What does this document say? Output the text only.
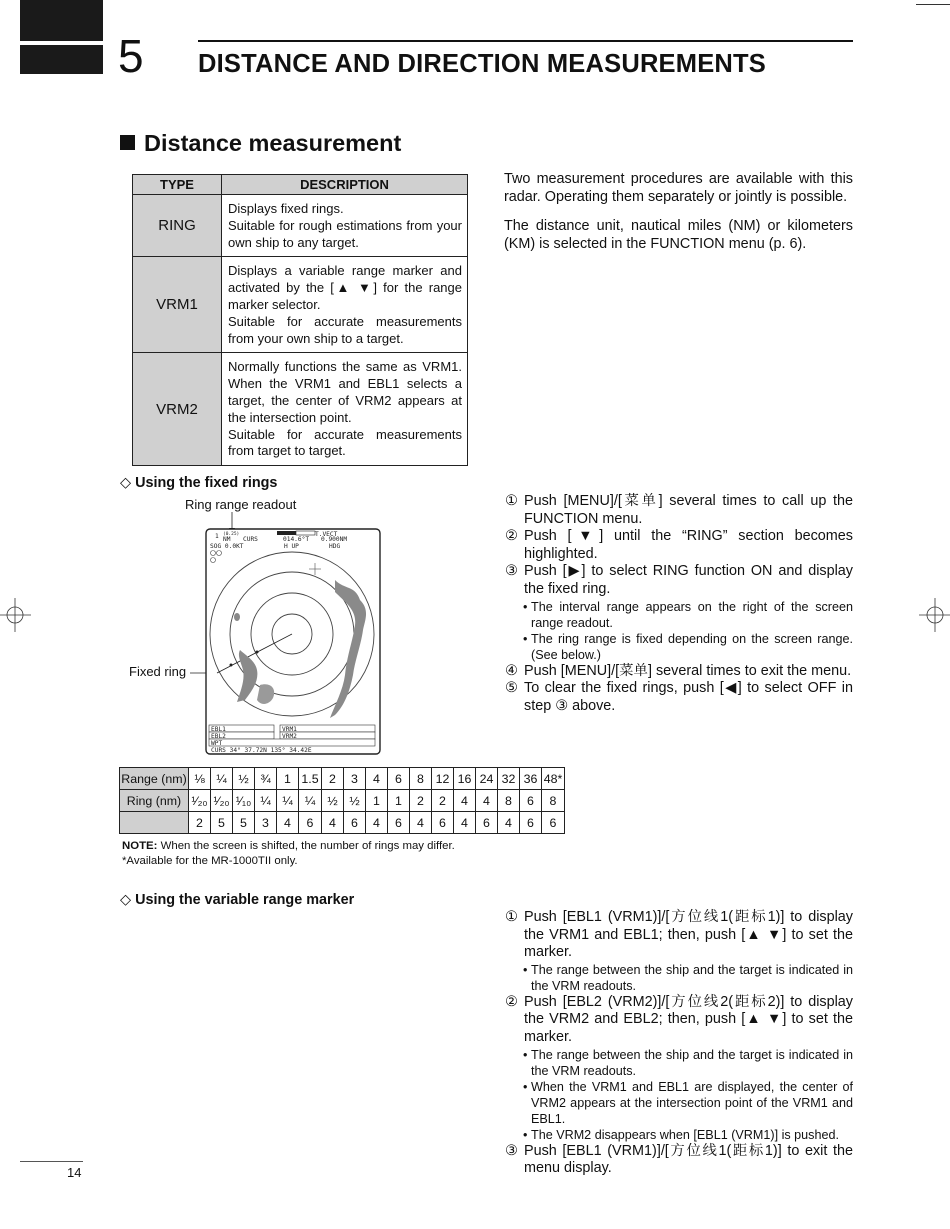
5 DISTANCE AND DIRECTION MEASUREMENTS
Distance measurement
TYPE	DESCRIPTION
RING	Displays fixed rings.
Suitable for rough estimations from your own ship to any target.

VRM1	Displays a variable range marker and activated by the [▲ ▼] for the range marker selector.
Suitable for accurate measurements from your own ship to a target.

VRM2	Normally functions the same as VRM1. When the VRM1 and EBL1 selects a target, the center of VRM2 appears at the intersection point.
Suitable for accurate measurements from target to target.
Two measurement procedures are available with this radar. Operating them separately or jointly is possible.
The distance unit, nautical miles (NM) or kilometers (KM) is selected in the FUNCTION menu (p. 6).
◇ Using the fixed rings
Ring range readout
Fixed ring
1 (0.25)
NM CURS
T.VECT
014.6°T 0.900NM
SOG 0.0KT	H UP	HDG
EBL1
EBL2
VRM1
VRM2
WPT
CURS 34° 37.72N 135° 34.42E
① Push [MENU]/[菜单] several times to call up the FUNCTION menu.
② Push [▼] until the “RING” section becomes highlighted.
③ Push [▶] to select RING function ON and display the fixed ring.
• The interval range appears on the right of the screen range readout.
• The ring range is fixed depending on the screen range. (See below.)
④ Push [MENU]/[菜单] several times to exit the menu.
⑤ To clear the fixed rings, push [◀] to select OFF in step ③ above.
Range (nm)	⅛	¼	½	¾	1	1.5	2	3	4	6	8	12	16	24	32	36	48*
Ring (nm)	¹⁄₂₀	¹⁄₂₀	¹⁄₁₀	¼	¼	¼	½	½	1	1	2	2	4	4	8	6	8
	2	5	5	3	4	6	4	6	4	6	4	6	4	6	4	6	6
NOTE: When the screen is shifted, the number of rings may differ.
*Available for the MR-1000TII only.
◇ Using the variable range marker
① Push [EBL1 (VRM1)]/[方位线1(距标1)] to display the VRM1 and EBL1; then, push [▲ ▼] to set the marker.
• The range between the ship and the target is indicated in the VRM readouts.
② Push [EBL2 (VRM2)]/[方位线2(距标2)] to display the VRM2 and EBL2; then, push [▲ ▼] to set the marker.
• The range between the ship and the target is indicated in the VRM readouts.
• When the VRM1 and EBL1 are displayed, the center of VRM2 appears at the intersection point of the VRM1 and EBL1.
• The VRM2 disappears when [EBL1 (VRM1)] is pushed.
③ Push [EBL1 (VRM1)]/[方位线1(距标1)] to exit the menu display.
14
